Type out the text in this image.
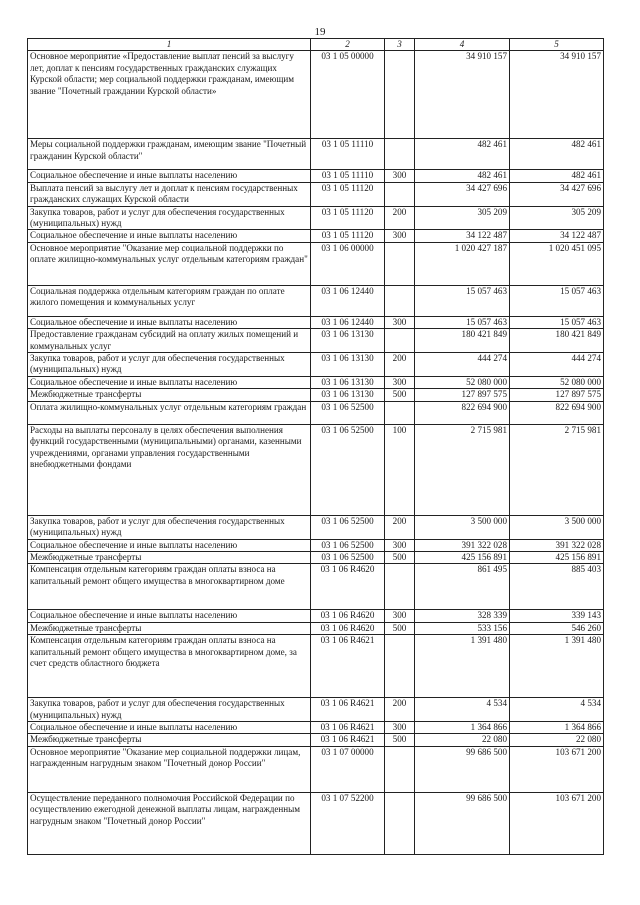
19
1	2	3	4	5
Основное мероприятие «Предоставление выплат пенсий за выслугу лет, доплат к пенсиям государственных гражданских служащих Курской области; мер социальной поддержки гражданам, имеющим звание "Почетный граждании Курской области»	03 1 05 00000		34 910 157	34 910 157
Меры социальной поддержки гражданам, имеющим звание "Почетный гражданин Курской области"	03 1 05 11110		482 461	482 461
Социальное обеспечение и иные выплаты населению	03 1 05 11110	300	482 461	482 461
Выплата пенсий за выслугу лет и доплат к пенсиям государственных гражданских служащих Курской области	03 1 05 11120		34 427 696	34 427 696
Закупка товаров, работ и услуг для обеспечения государственных (муниципальных) нужд	03 1 05 11120	200	305 209	305 209
Социальное обеспечение и иные выплаты населению	03 1 05 11120	300	34 122 487	34 122 487
Основное мероприятие "Оказание мер социальной поддержки по оплате жилищно-коммунальных услуг отдельным категориям граждан"	03 1 06 00000		1 020 427 187	1 020 451 095
Социальная поддержка отдельным категориям граждан по оплате жилого помещения и коммунальных услуг	03 1 06 12440		15 057 463	15 057 463
Социальное обеспечение и иные выплаты населению	03 1 06 12440	300	15 057 463	15 057 463
Предоставление гражданам субсидий на оплату жилых помещений и коммунальных услуг	03 1 06 13130		180 421 849	180 421 849
Закупка товаров, работ и услуг для обеспечения государственных (муниципальных) нужд	03 1 06 13130	200	444 274	444 274
Социальное обеспечение и иные выплаты населению	03 1 06 13130	300	52 080 000	52 080 000
Межбюджетные трансферты	03 1 06 13130	500	127 897 575	127 897 575
Оплата жилищно-коммунальных услуг отдельным категориям граждан	03 1 06 52500		822 694 900	822 694 900
Расходы на выплаты персоналу в целях обеспечения выполнения функций государственными (муниципальными) органами, казенными учреждениями, органами управления государственными внебюджетными фондами	03 1 06 52500	100	2 715 981	2 715 981
Закупка товаров, работ и услуг для обеспечения государственных (муниципальных) нужд	03 1 06 52500	200	3 500 000	3 500 000
Социальное обеспечение и иные выплаты населению	03 1 06 52500	300	391 322 028	391 322 028
Межбюджетные трансферты	03 1 06 52500	500	425 156 891	425 156 891
Компенсация отдельным категориям граждан оплаты взноса на капитальный ремонт общего имущества в многоквартирном доме	03 1 06 R4620		861 495	885 403
Социальное обеспечение и иные выплаты населению	03 1 06 R4620	300	328 339	339 143
Межбюджетные трансферты	03 1 06 R4620	500	533 156	546 260
Компенсация отдельным категориям граждан оплаты взноса на капитальный ремонт общего имущества в многоквартирном доме, за счет средств областного бюджета	03 1 06 R4621		1 391 480	1 391 480
Закупка товаров, работ и услуг для обеспечения государственных (муниципальных) нужд	03 1 06 R4621	200	4 534	4 534
Социальное обеспечение и иные выплаты населению	03 1 06 R4621	300	1 364 866	1 364 866
Межбюджетные трансферты	03 1 06 R4621	500	22 080	22 080
Основное мероприятие "Оказание мер социальной поддержки лицам, награжденным нагрудным знаком "Почетный донор России"	03 1 07 00000		99 686 500	103 671 200
Осуществление переданного полномочия Российской Федерации по осуществлению ежегодной денежной выплаты лицам, награжденным нагрудным знаком "Почетный донор России"	03 1 07 52200		99 686 500	103 671 200
